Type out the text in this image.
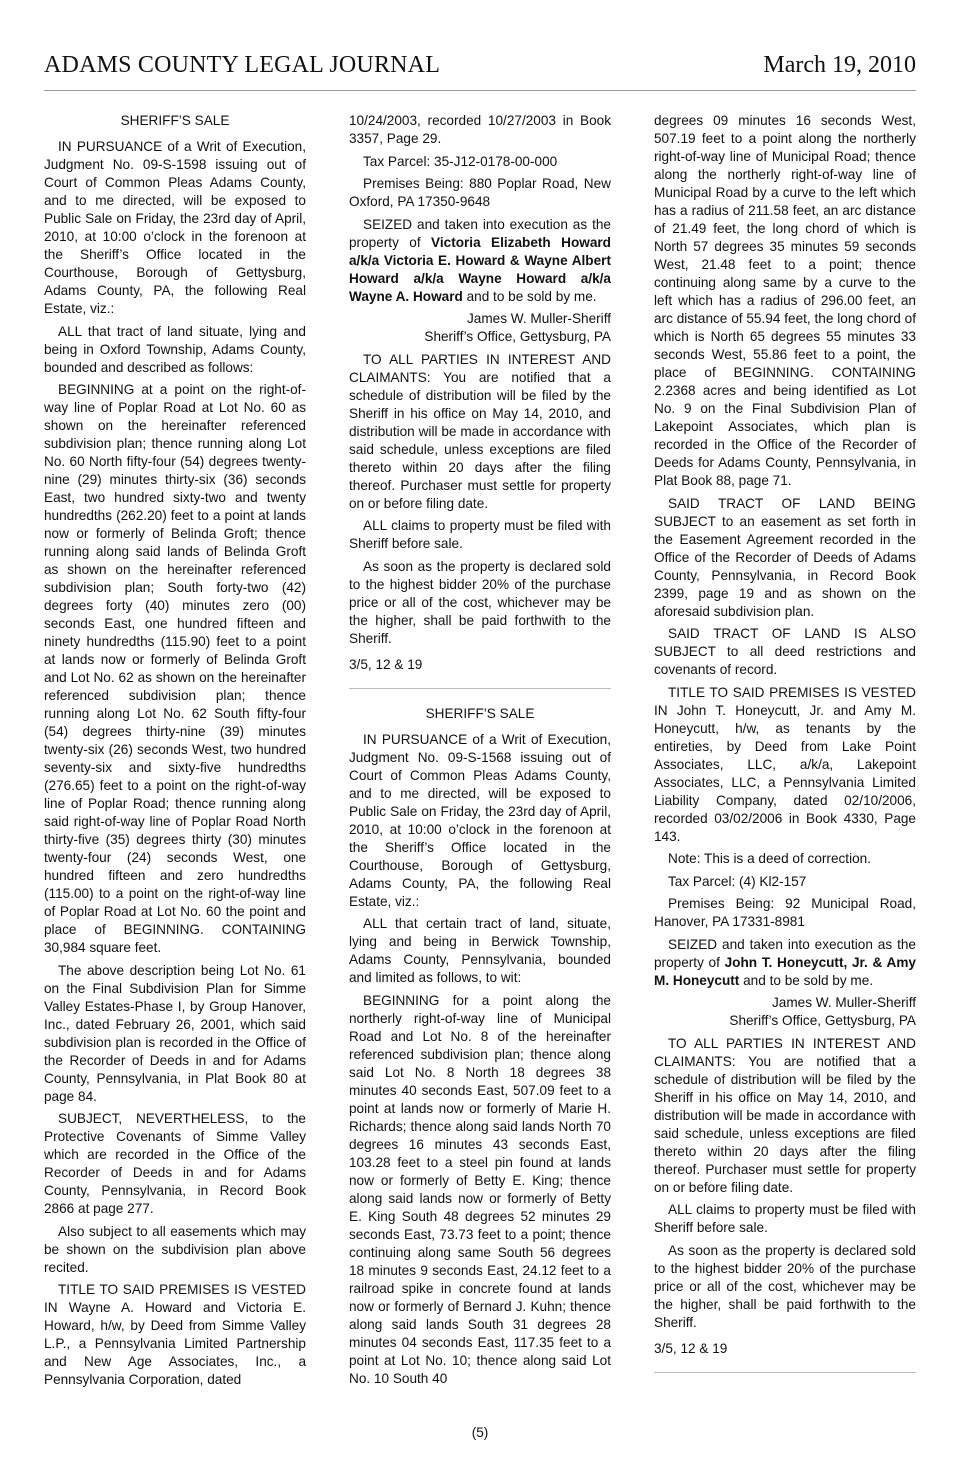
ADAMS COUNTY LEGAL JOURNAL	March 19, 2010

SHERIFF’S SALE

IN PURSUANCE of a Writ of Execution, Judgment No. 09-S-1598 issuing out of Court of Common Pleas Adams County, and to me directed, will be exposed to Public Sale on Friday, the 23rd day of April, 2010, at 10:00 o’clock in the forenoon at the Sheriff’s Office located in the Courthouse, Borough of Gettysburg, Adams County, PA, the following Real Estate, viz.:

ALL that tract of land situate, lying and being in Oxford Township, Adams County, bounded and described as follows:

BEGINNING at a point on the right-of-way line of Poplar Road at Lot No. 60 as shown on the hereinafter referenced subdivision plan; thence running along Lot No. 60 North fifty-four (54) degrees twenty-nine (29) minutes thirty-six (36) seconds East, two hundred sixty-two and twenty hundredths (262.20) feet to a point at lands now or formerly of Belinda Groft; thence running along said lands of Belinda Groft as shown on the hereinafter referenced subdivision plan; South forty-two (42) degrees forty (40) minutes zero (00) seconds East, one hundred fifteen and ninety hundredths (115.90) feet to a point at lands now or formerly of Belinda Groft and Lot No. 62 as shown on the hereinafter referenced subdivision plan; thence running along Lot No. 62 South fifty-four (54) degrees thirty-nine (39) minutes twenty-six (26) seconds West, two hundred seventy-six and sixty-five hundredths (276.65) feet to a point on the right-of-way line of Poplar Road; thence running along said right-of-way line of Poplar Road North thirty-five (35) degrees thirty (30) minutes twenty-four (24) seconds West, one hundred fifteen and zero hundredths (115.00) to a point on the right-of-way line of Poplar Road at Lot No. 60 the point and place of BEGINNING. CONTAINING 30,984 square feet.

The above description being Lot No. 61 on the Final Subdivision Plan for Simme Valley Estates-Phase I, by Group Hanover, Inc., dated February 26, 2001, which said subdivision plan is recorded in the Office of the Recorder of Deeds in and for Adams County, Pennsylvania, in Plat Book 80 at page 84.

SUBJECT, NEVERTHELESS, to the Protective Covenants of Simme Valley which are recorded in the Office of the Recorder of Deeds in and for Adams County, Pennsylvania, in Record Book 2866 at page 277.

Also subject to all easements which may be shown on the subdivision plan above recited.

TITLE TO SAID PREMISES IS VESTED IN Wayne A. Howard and Victoria E. Howard, h/w, by Deed from Simme Valley L.P., a Pennsylvania Limited Partnership and New Age Associates, Inc., a Pennsylvania Corporation, dated

10/24/2003, recorded 10/27/2003 in Book 3357, Page 29.

Tax Parcel: 35-J12-0178-00-000

Premises Being: 880 Poplar Road, New Oxford, PA 17350-9648

SEIZED and taken into execution as the property of Victoria Elizabeth Howard a/k/a Victoria E. Howard & Wayne Albert Howard a/k/a Wayne Howard a/k/a Wayne A. Howard and to be sold by me.

James W. Muller-Sheriff

Sheriff’s Office, Gettysburg, PA

TO ALL PARTIES IN INTEREST AND CLAIMANTS: You are notified that a schedule of distribution will be filed by the Sheriff in his office on May 14, 2010, and distribution will be made in accordance with said schedule, unless exceptions are filed thereto within 20 days after the filing thereof. Purchaser must settle for property on or before filing date.

ALL claims to property must be filed with Sheriff before sale.

As soon as the property is declared sold to the highest bidder 20% of the purchase price or all of the cost, whichever may be the higher, shall be paid forthwith to the Sheriff.

3/5, 12 & 19

SHERIFF’S SALE

IN PURSUANCE of a Writ of Execution, Judgment No. 09-S-1568 issuing out of Court of Common Pleas Adams County, and to me directed, will be exposed to Public Sale on Friday, the 23rd day of April, 2010, at 10:00 o’clock in the forenoon at the Sheriff’s Office located in the Courthouse, Borough of Gettysburg, Adams County, PA, the following Real Estate, viz.:

ALL that certain tract of land, situate, lying and being in Berwick Township, Adams County, Pennsylvania, bounded and limited as follows, to wit:

BEGINNING for a point along the northerly right-of-way line of Municipal Road and Lot No. 8 of the hereinafter referenced subdivision plan; thence along said Lot No. 8 North 18 degrees 38 minutes 40 seconds East, 507.09 feet to a point at lands now or formerly of Marie H. Richards; thence along said lands North 70 degrees 16 minutes 43 seconds East, 103.28 feet to a steel pin found at lands now or formerly of Betty E. King; thence along said lands now or formerly of Betty E. King South 48 degrees 52 minutes 29 seconds East, 73.73 feet to a point; thence continuing along same South 56 degrees 18 minutes 9 seconds East, 24.12 feet to a railroad spike in concrete found at lands now or formerly of Bernard J. Kuhn; thence along said lands South 31 degrees 28 minutes 04 seconds East, 117.35 feet to a point at Lot No. 10; thence along said Lot No. 10 South 40

degrees 09 minutes 16 seconds West, 507.19 feet to a point along the northerly right-of-way line of Municipal Road; thence along the northerly right-of-way line of Municipal Road by a curve to the left which has a radius of 211.58 feet, an arc distance of 21.49 feet, the long chord of which is North 57 degrees 35 minutes 59 seconds West, 21.48 feet to a point; thence continuing along same by a curve to the left which has a radius of 296.00 feet, an arc distance of 55.94 feet, the long chord of which is North 65 degrees 55 minutes 33 seconds West, 55.86 feet to a point, the place of BEGINNING. CONTAINING 2.2368 acres and being identified as Lot No. 9 on the Final Subdivision Plan of Lakepoint Associates, which plan is recorded in the Office of the Recorder of Deeds for Adams County, Pennsylvania, in Plat Book 88, page 71.

SAID TRACT OF LAND BEING SUBJECT to an easement as set forth in the Easement Agreement recorded in the Office of the Recorder of Deeds of Adams County, Pennsylvania, in Record Book 2399, page 19 and as shown on the aforesaid subdivision plan.

SAID TRACT OF LAND IS ALSO SUBJECT to all deed restrictions and covenants of record.

TITLE TO SAID PREMISES IS VESTED IN John T. Honeycutt, Jr. and Amy M. Honeycutt, h/w, as tenants by the entireties, by Deed from Lake Point Associates, LLC, a/k/a, Lakepoint Associates, LLC, a Pennsylvania Limited Liability Company, dated 02/10/2006, recorded 03/02/2006 in Book 4330, Page 143.

Note: This is a deed of correction.

Tax Parcel: (4) Kl2-157

Premises Being: 92 Municipal Road, Hanover, PA 17331-8981

SEIZED and taken into execution as the property of John T. Honeycutt, Jr. & Amy M. Honeycutt and to be sold by me.

James W. Muller-Sheriff

Sheriff’s Office, Gettysburg, PA

TO ALL PARTIES IN INTEREST AND CLAIMANTS: You are notified that a schedule of distribution will be filed by the Sheriff in his office on May 14, 2010, and distribution will be made in accordance with said schedule, unless exceptions are filed thereto within 20 days after the filing thereof. Purchaser must settle for property on or before filing date.

ALL claims to property must be filed with Sheriff before sale.

As soon as the property is declared sold to the highest bidder 20% of the purchase price or all of the cost, whichever may be the higher, shall be paid forthwith to the Sheriff.

3/5, 12 & 19

(5)
